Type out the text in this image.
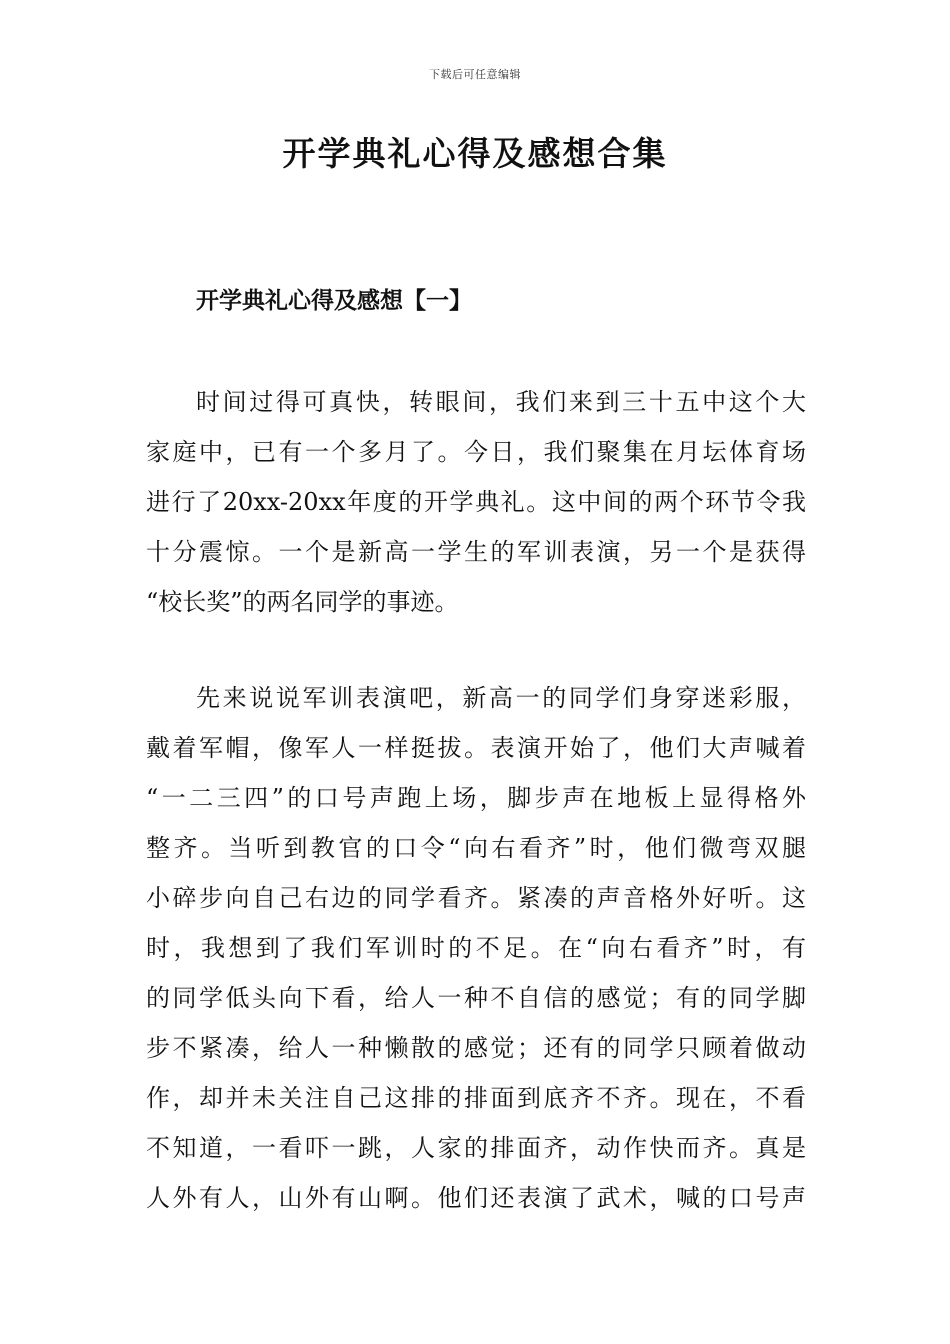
下载后可任意编辑
开学典礼心得及感想合集
开学典礼心得及感想【一】

时间过得可真快，转眼间，我们来到三十五中这个大
家庭中，已有一个多月了。今日，我们聚集在月坛体育场
进行了20xx-20xx年度的开学典礼。这中间的两个环节令我
十分震惊。一个是新高一学生的军训表演，另一个是获得
“校长奖”的两名同学的事迹。

先来说说军训表演吧，新高一的同学们身穿迷彩服，
戴着军帽，像军人一样挺拔。表演开始了，他们大声喊着
“一二三四”的口号声跑上场，脚步声在地板上显得格外
整齐。当听到教官的口令“向右看齐”时，他们微弯双腿
小碎步向自己右边的同学看齐。紧凑的声音格外好听。这
时，我想到了我们军训时的不足。在“向右看齐”时，有
的同学低头向下看，给人一种不自信的感觉；有的同学脚
步不紧凑，给人一种懒散的感觉；还有的同学只顾着做动
作，却并未关注自己这排的排面到底齐不齐。现在，不看
不知道，一看吓一跳，人家的排面齐，动作快而齐。真是
人外有人，山外有山啊。他们还表演了武术，喊的口号声
